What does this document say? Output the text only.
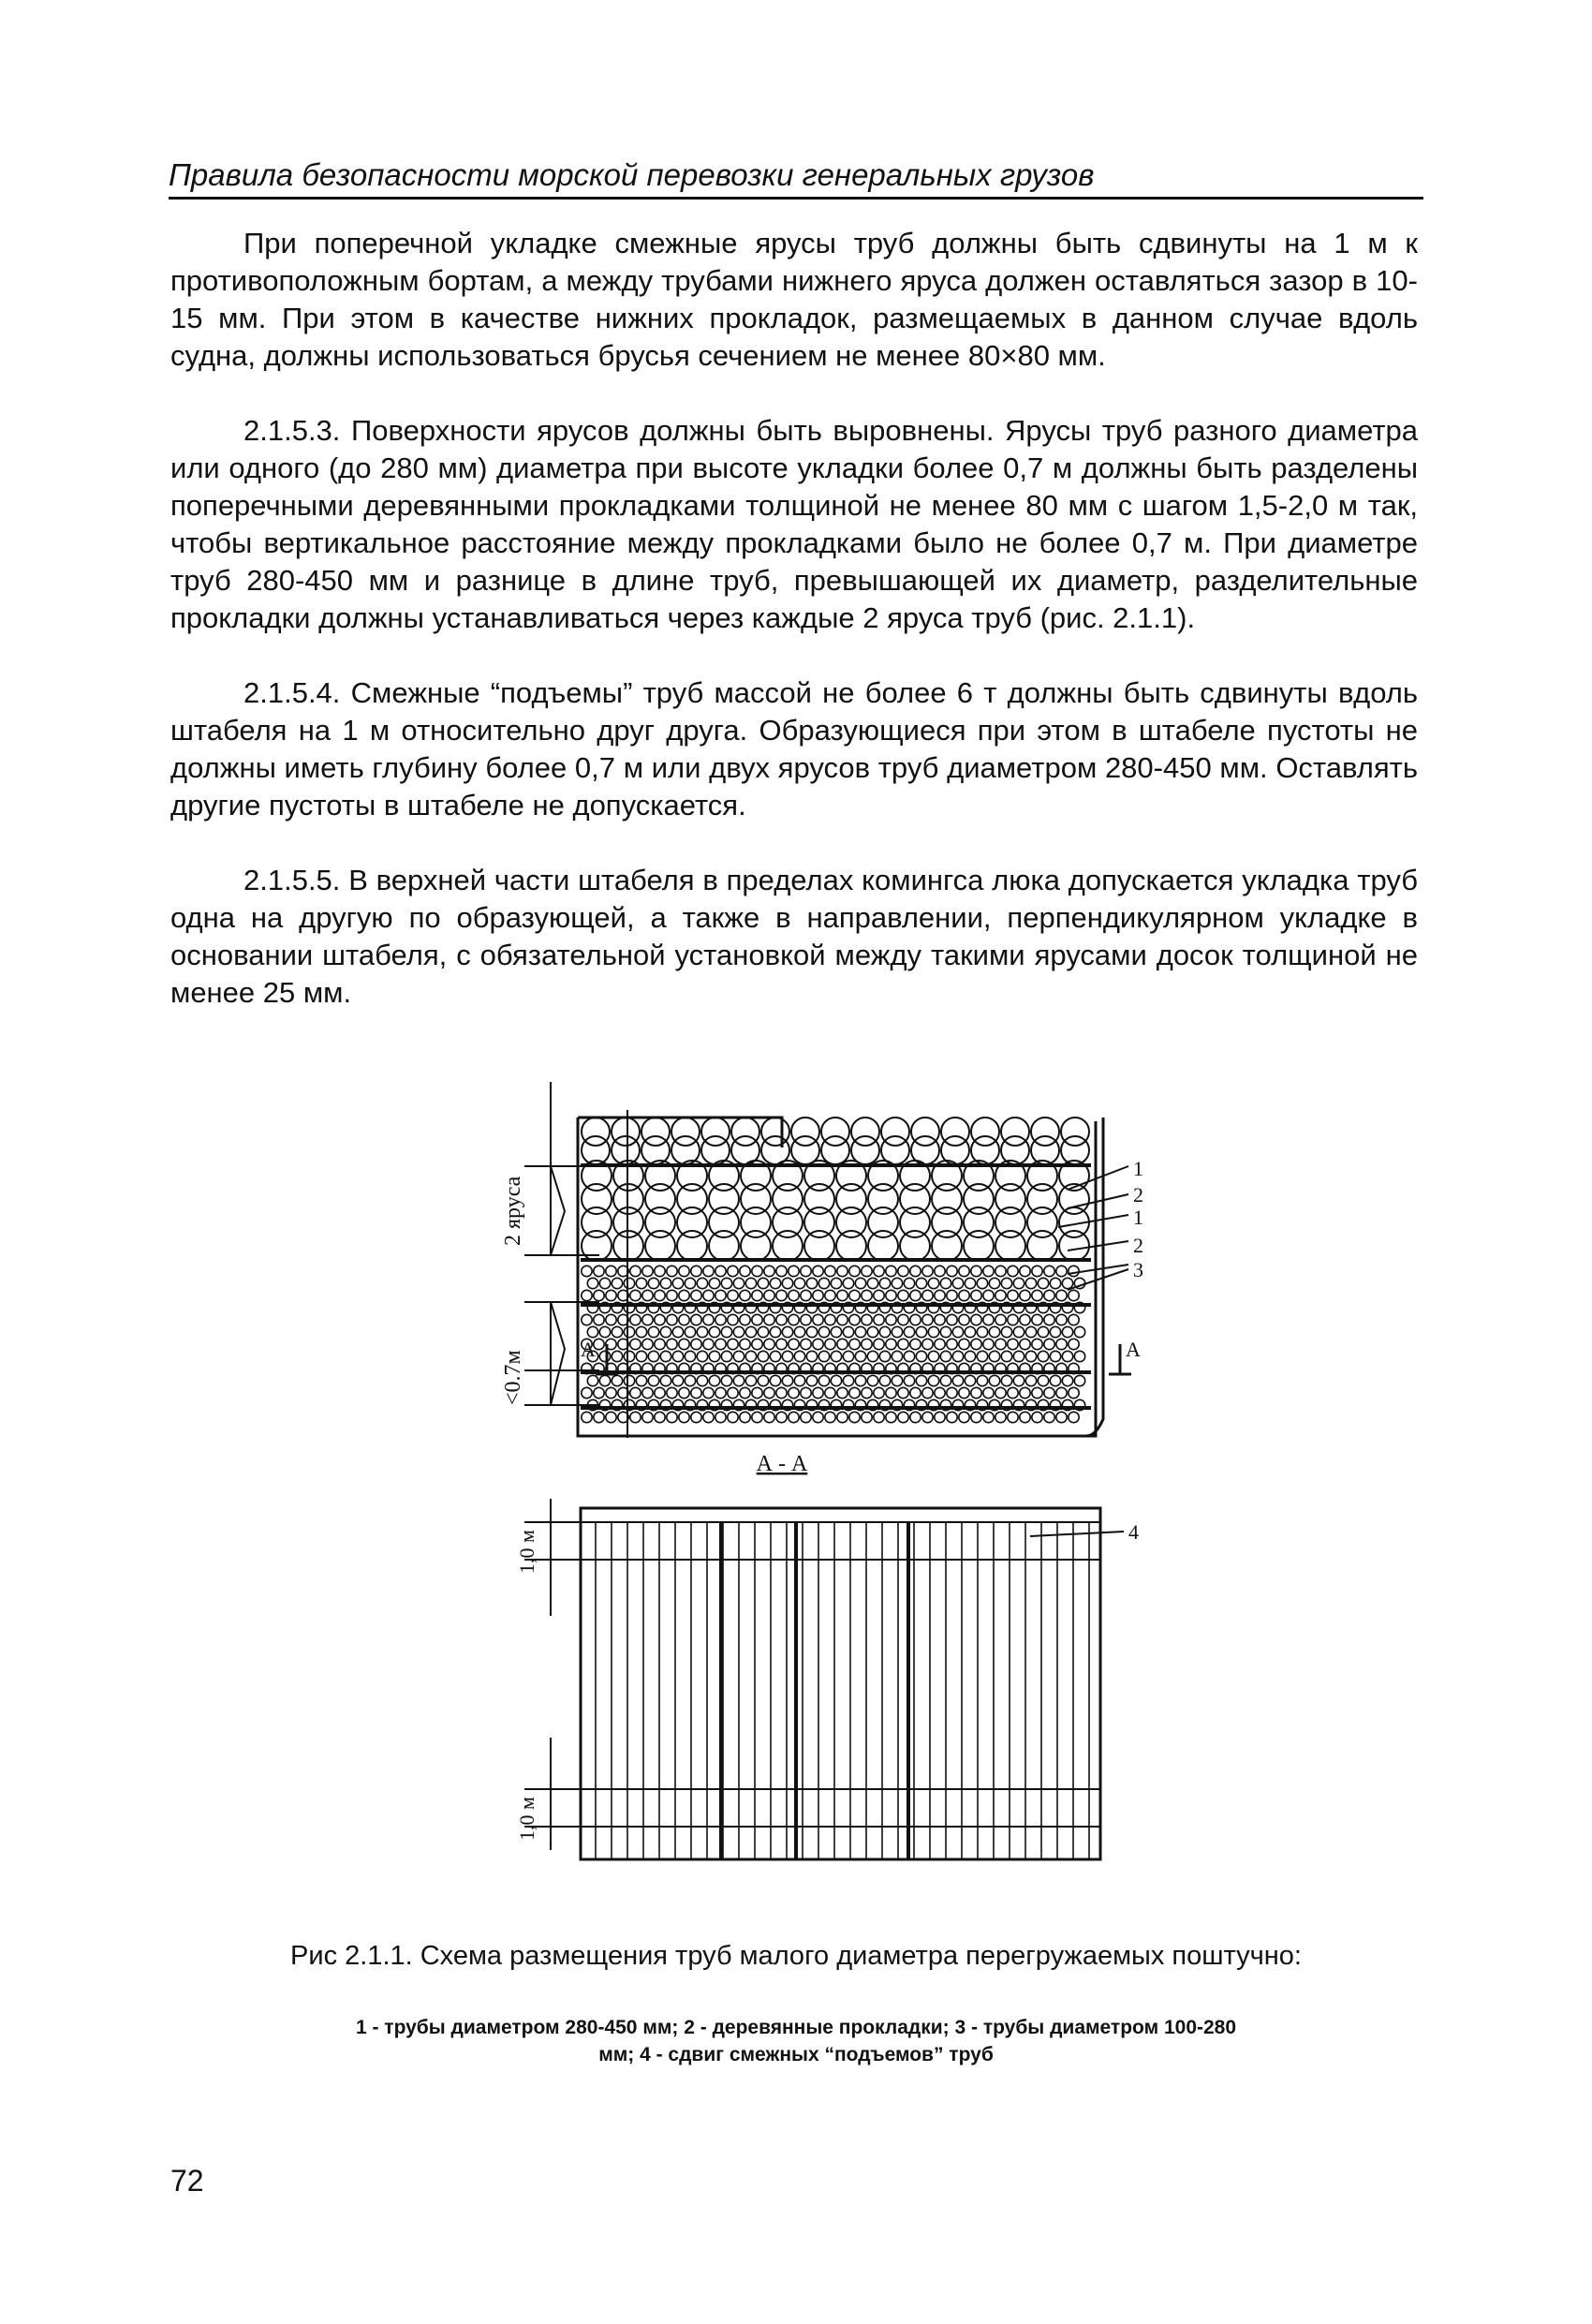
Правила безопасности морской перевозки генеральных грузов

При поперечной укладке смежные ярусы труб должны быть сдвинуты на 1 м к противоположным бортам, а между трубами нижнего яруса должен оставляться зазор в 10-15 мм. При этом в качестве нижних прокладок, размещаемых в данном случае вдоль судна, должны использоваться брусья сечением не менее 80×80 мм.

2.1.5.3. Поверхности ярусов должны быть выровнены. Ярусы труб разного диаметра или одного (до 280 мм) диаметра при высоте укладки более 0,7 м должны быть разделены поперечными деревянными прокладками толщиной не менее 80 мм с шагом 1,5-2,0 м так, чтобы вертикальное расстояние между прокладками было не более 0,7 м. При диаметре труб 280-450 мм и разнице в длине труб, превышающей их диаметр, разделительные прокладки должны устанавливаться через каждые 2 яруса труб (рис. 2.1.1).

2.1.5.4. Смежные “подъемы” труб массой не более 6 т должны быть сдвинуты вдоль штабеля на 1 м относительно друг друга. Образующиеся при этом в штабеле пустоты не должны иметь глубину более 0,7 м или двух ярусов труб диаметром 280-450 мм. Оставлять другие пустоты в штабеле не допускается.

2.1.5.5. В верхней части штабеля в пределах комингса люка допускается укладка труб одна на другую по образующей, а также в направлении, перпендикулярном укладке в основании штабеля, с обязательной установкой между такими ярусами досок толщиной не менее 25 мм.

2 яруса
<0.7м
А	А
1
2
1
2
3
А - А
1,0 м
1,0 м
4
Рис 2.1.1. Схема размещения труб малого диаметра перегружаемых поштучно:
1 - трубы диаметром 280-450 мм; 2 - деревянные прокладки; 3 - трубы диаметром 100-280 мм; 4 - сдвиг смежных “подъемов” труб
72
